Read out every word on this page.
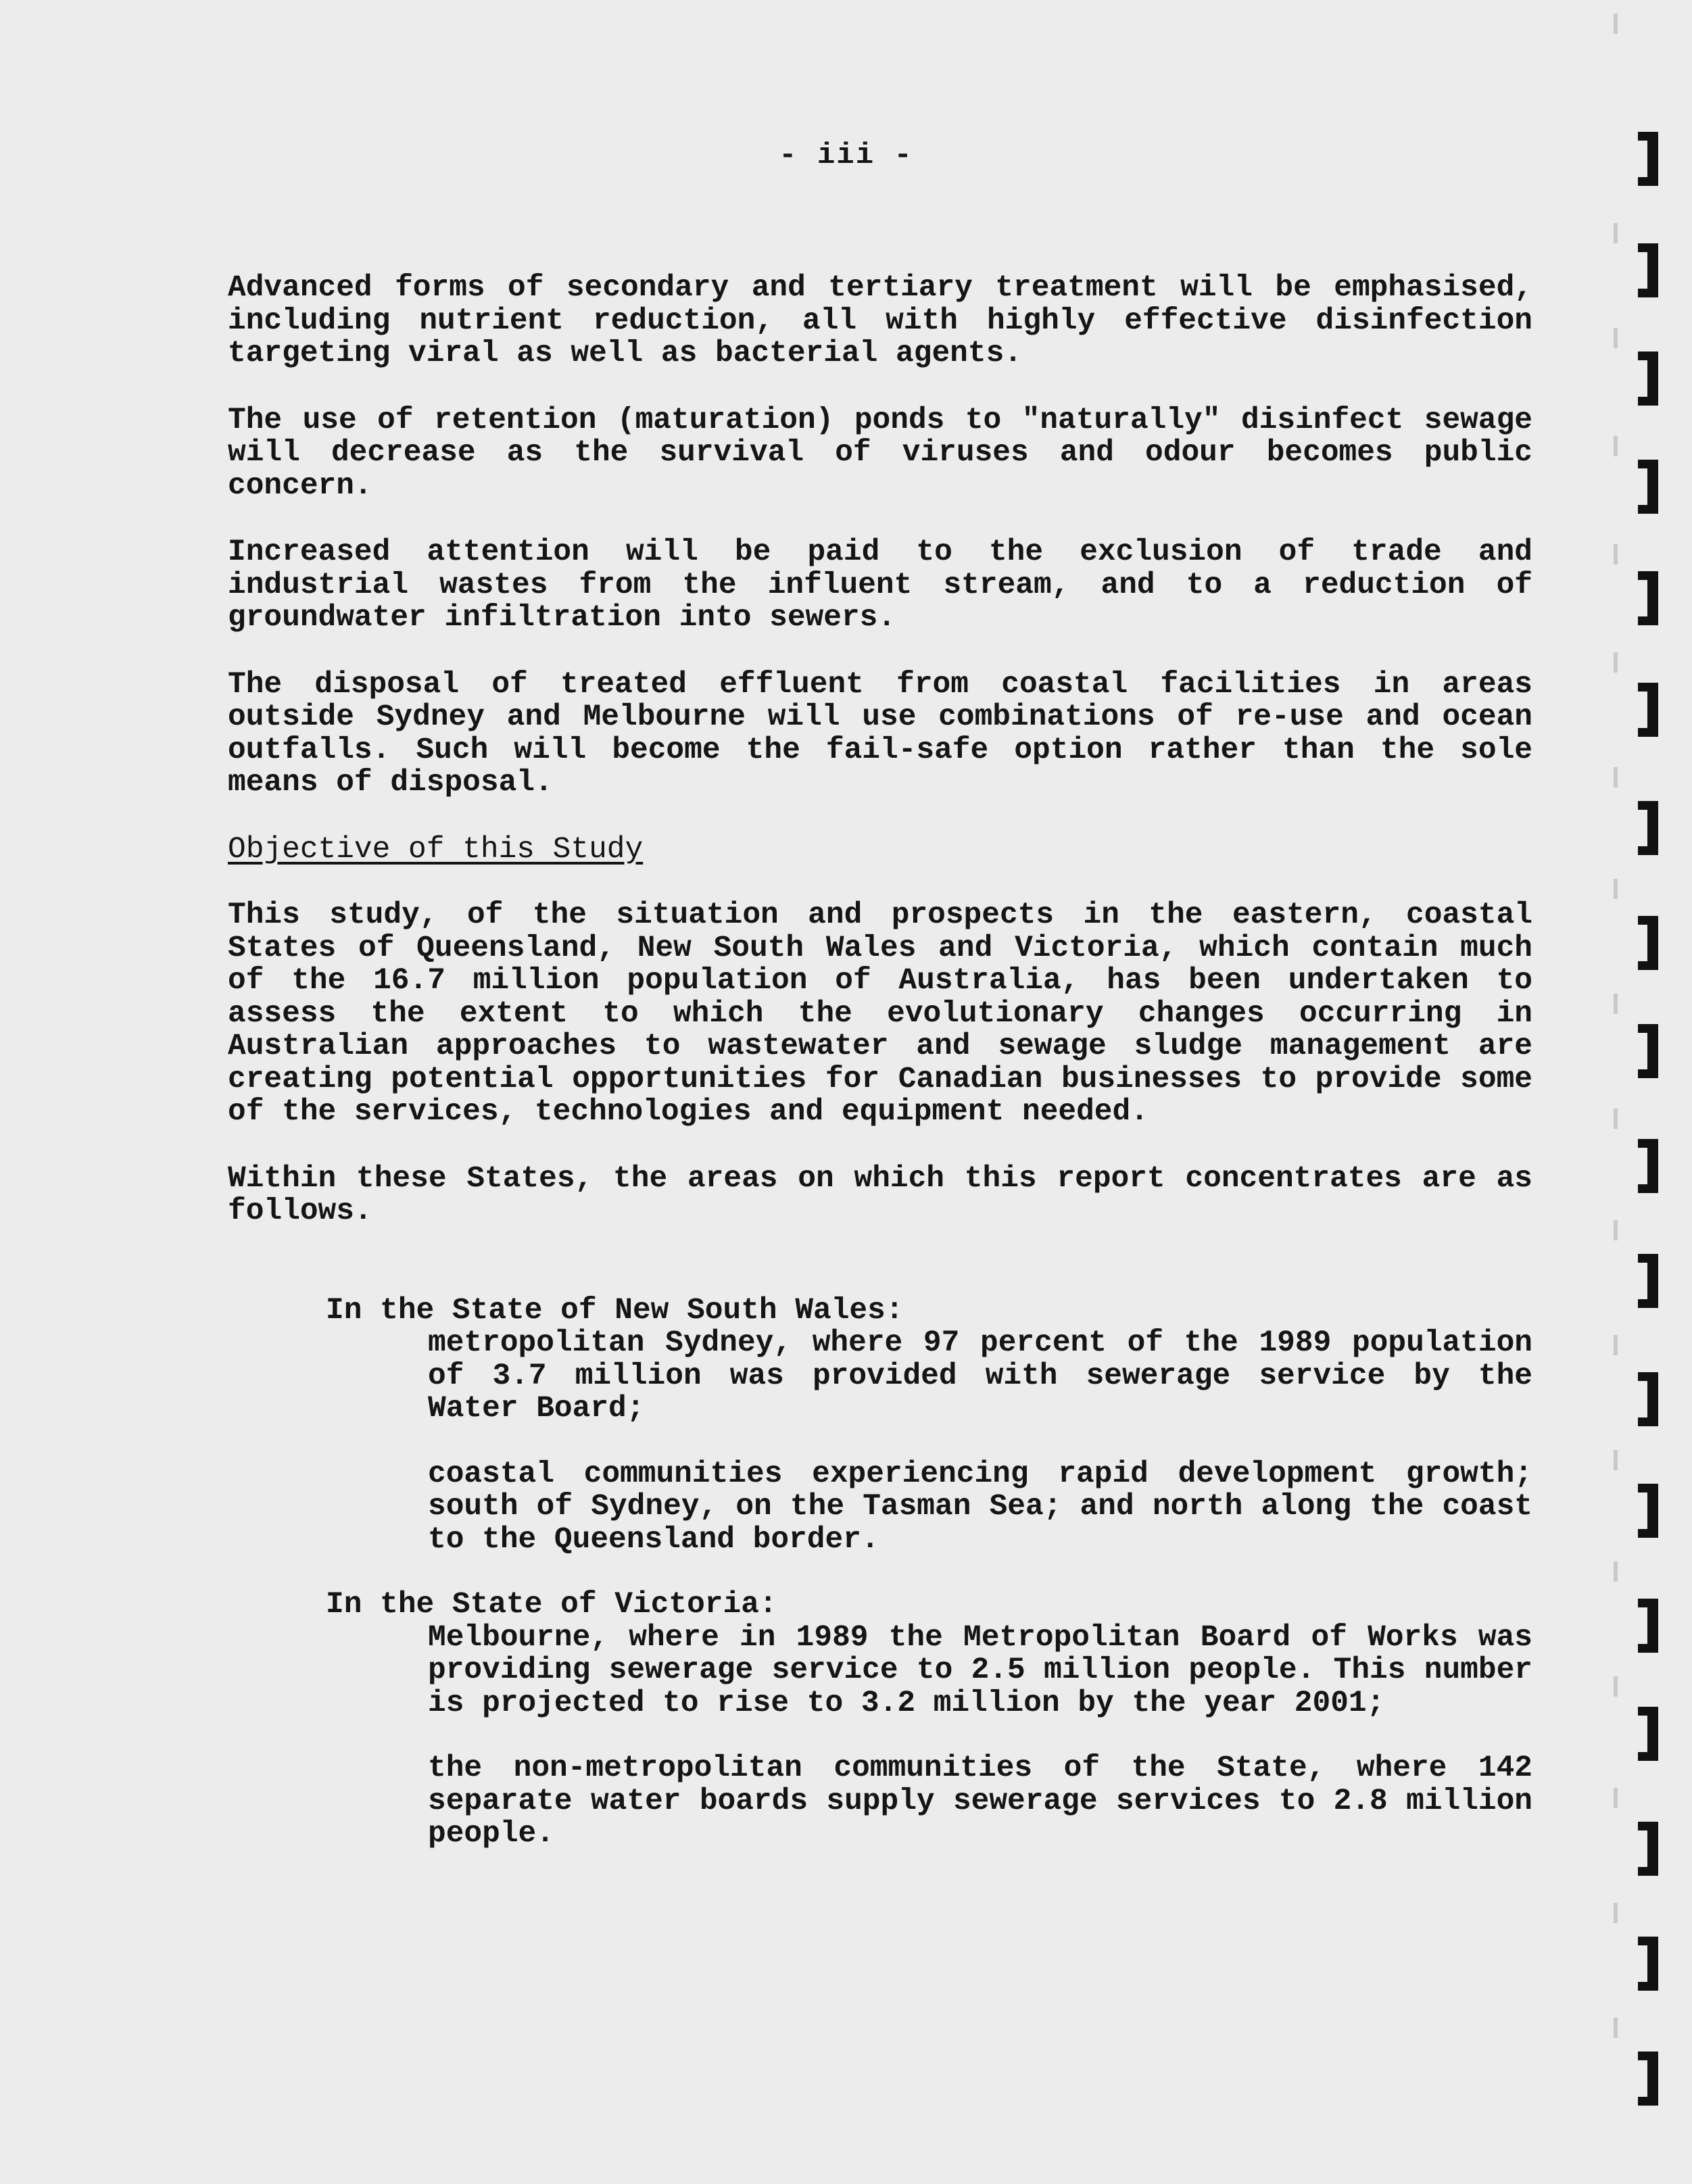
- iii -

Advanced forms of secondary and tertiary treatment will be emphasised, including nutrient reduction, all with highly effective disinfection targeting viral as well as bacterial agents.

The use of retention (maturation) ponds to "naturally" disinfect sewage will decrease as the survival of viruses and odour becomes public concern.

Increased attention will be paid to the exclusion of trade and industrial wastes from the influent stream, and to a reduction of groundwater infiltration into sewers.

The disposal of treated effluent from coastal facilities in areas outside Sydney and Melbourne will use combinations of re-use and ocean outfalls. Such will become the fail-safe option rather than the sole means of disposal.

Objective of this Study

This study, of the situation and prospects in the eastern, coastal States of Queensland, New South Wales and Victoria, which contain much of the 16.7 million population of Australia, has been undertaken to assess the extent to which the evolutionary changes occurring in Australian approaches to wastewater and sewage sludge management are creating potential opportunities for Canadian businesses to provide some of the services, technologies and equipment needed.

Within these States, the areas on which this report concentrates are as follows.

In the State of New South Wales:

metropolitan Sydney, where 97 percent of the 1989 population of 3.7 million was provided with sewerage service by the Water Board;

coastal communities experiencing rapid development growth; south of Sydney, on the Tasman Sea; and north along the coast to the Queensland border.

In the State of Victoria:

Melbourne, where in 1989 the Metropolitan Board of Works was providing sewerage service to 2.5 million people. This number is projected to rise to 3.2 million by the year 2001;

the non-metropolitan communities of the State, where 142 separate water boards supply sewerage services to 2.8 million people.
